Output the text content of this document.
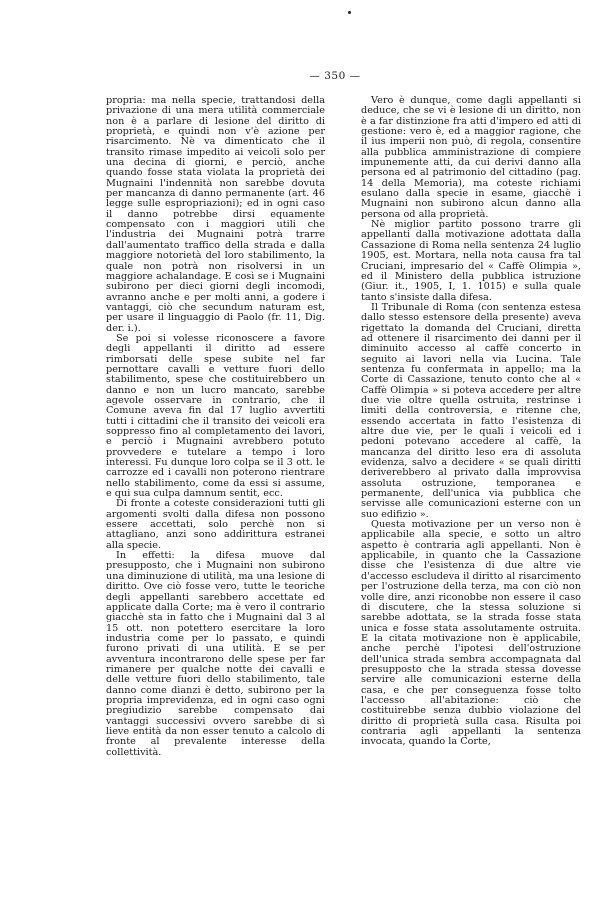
— 350 —

propria: ma nella specie, trattandosi della privazione di una mera utilità commerciale non è a parlare di lesione del diritto di proprietà, e quindi non v'è azione per risarcimento. Nè va dimenticato che il transito rimase impedito ai veicoli solo per una decina di giorni, e perciò, anche quando fosse stata violata la proprietà dei Mugnaini l'indennità non sarebbe dovuta per mancanza di danno permanente (art. 46 legge sulle espropriazioni); ed in ogni caso il danno potrebbe dirsi equamente compensato con i maggiori utili che l'industria dei Mugnaini potrà trarre dall'aumentato traffico della strada e dalla maggiore notorietà del loro stabilimento, la quale non potrà non risolversi in un maggiore achalandage. E così se i Mugnaini subirono per dieci giorni degli incomodi, avranno anche e per molti anni, a godere i vantaggi, ciò che secundum naturam est, per usare il linguaggio di Paolo (fr. 11, Dig. der. i.).

Se poi si volesse riconoscere a favore degli appellanti il diritto ad essere rimborsati delle spese subite nel far pernottare cavalli e vetture fuori dello stabilimento, spese che costituirebbero un danno e non un lucro mancato, sarebbe agevole osservare in contrario, che il Comune aveva fin dal 17 luglio avvertiti tutti i cittadini che il transito dei veicoli era soppresso fino al completamento dei lavori, e perciò i Mugnaini avrebbero potuto provvedere e tutelare a tempo i loro interessi. Fu dunque loro colpa se il 3 ott. le carrozze ed i cavalli non poterono rientrare nello stabilimento, come da essi si assume, e qui sua culpa damnum sentit, ecc.

Di fronte a coteste considerazioni tutti gli argomenti svolti dalla difesa non possono essere accettati, solo perchè non si attagliano, anzi sono addirittura estranei alla specie.

In effetti: la difesa muove dal presupposto, che i Mugnaini non subirono una diminuzione di utilità, ma una lesione di diritto. Ove ciò fosse vero, tutte le teoriche degli appellanti sarebbero accettate ed applicate dalla Corte; ma è vero il contrario giacchè sta in fatto che i Mugnaini dal 3 al 15 ott. non potettero esercitare la loro industria come per lo passato, e quindi furono privati di una utilità. E se per avventura incontrarono delle spese per far rimanere per qualche notte dei cavalli e delle vetture fuori dello stabilimento, tale danno come dianzi è detto, subirono per la propria imprevidenza, ed in ogni caso ogni pregiudizio sarebbe compensato dai vantaggi successivi ovvero sarebbe di sì lieve entità da non esser tenuto a calcolo di fronte al prevalente interesse della collettività.

Vero è dunque, come dagli appellanti si deduce, che se vi è lesione di un diritto, non è a far distinzione fra atti d'impero ed atti di gestione: vero è, ed a maggior ragione, che il ius imperii non può, di regola, consentire alla pubblica amministrazione di compiere impunemente atti, da cui derivi danno alla persona ed al patrimonio del cittadino (pag. 14 della Memoria), ma coteste richiami esulano dalla specie in esame, giacchè i Mugnaini non subirono alcun danno alla persona od alla proprietà.

Nè miglior partito possono trarre gli appellanti dalla motivazione adottata dalla Cassazione di Roma nella sentenza 24 luglio 1905, est. Mortara, nella nota causa fra tal Cruciani, impresario del « Caffè Olimpia », ed il Ministero della pubblica istruzione (Giur. it., 1905, I, 1. 1015) e sulla quale tanto s'insiste dalla difesa.

Il Tribunale di Roma (con sentenza estesa dallo stesso estensore della presente) aveva rigettato la domanda del Cruciani, diretta ad ottenere il risarcimento dei danni per il diminuito accesso al caffè concerto in seguito ai lavori nella via Lucina. Tale sentenza fu confermata in appello; ma la Corte di Cassazione, tenuto conto che al « Caffè Olimpia » si poteva accedere per altre due vie oltre quella ostruita, restrinse i limiti della controversia, e ritenne che, essendo accertata in fatto l'esistenza di altre due vie, per le quali i veicoli ed i pedoni potevano accedere al caffè, la mancanza del diritto leso era di assoluta evidenza, salvo a decidere « se quali diritti deriverebbero al privato dalla improvvisa assoluta ostruzione, temporanea e permanente, dell'unica via pubblica che servisse alle comunicazioni esterne con un suo edifizio ».

Questa motivazione per un verso non è applicabile alla specie, e sotto un altro aspetto è contraria agli appellanti. Non è applicabile, in quanto che la Cassazione disse che l'esistenza di due altre vie d'accesso escludeva il diritto al risarcimento per l'ostruzione della terza, ma con ciò non volle dire, anzi riconobbe non essere il caso di discutere, che la stessa soluzione si sarebbe adottata, se la strada fosse stata unica e fosse stata assolutamente ostruita. E la citata motivazione non è applicabile, anche perchè l'ipotesi dell'ostruzione dell'unica strada sembra accompagnata dal presupposto che la strada stessa dovesse servire alle comunicazioni esterne della casa, e che per conseguenza fosse tolto l'accesso all'abitazione: ciò che costituirebbe senza dubbio violazione del diritto di proprietà sulla casa. Risulta poi contraria agli appellanti la sentenza invocata, quando la Corte,
